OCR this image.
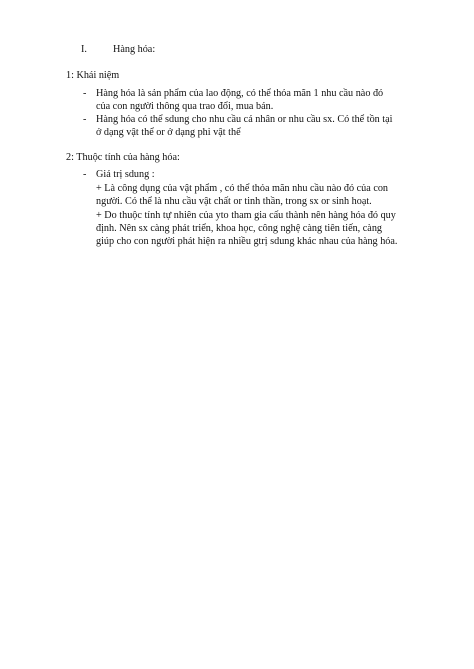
I.	Hàng hóa:
1: Khái niệm
- Hàng hóa là sản phẩm của lao động, có thể thỏa mãn 1 nhu cầu nào đó
của con người thông qua trao đổi, mua bán.
- Hàng hóa có thể sdung cho nhu cầu cá nhân or nhu cầu sx. Có thể tồn tại
ở dạng vật thể or ở dạng phi vật thể
2: Thuộc tính của hàng hóa:
- Giá trị sdung :
+ Là công dụng của vật phẩm , có thể thỏa mãn nhu cầu nào đó của con
người. Có thể là nhu cầu vật chất or tinh thần, trong sx or sinh hoạt.
+ Do thuộc tính tự nhiên của yto tham gia cấu thành nên hàng hóa đó quy
định. Nên sx càng phát triển, khoa học, công nghệ càng tiên tiến, càng
giúp cho con người phát hiện ra nhiều gtrị sdung khác nhau của hàng hóa.
